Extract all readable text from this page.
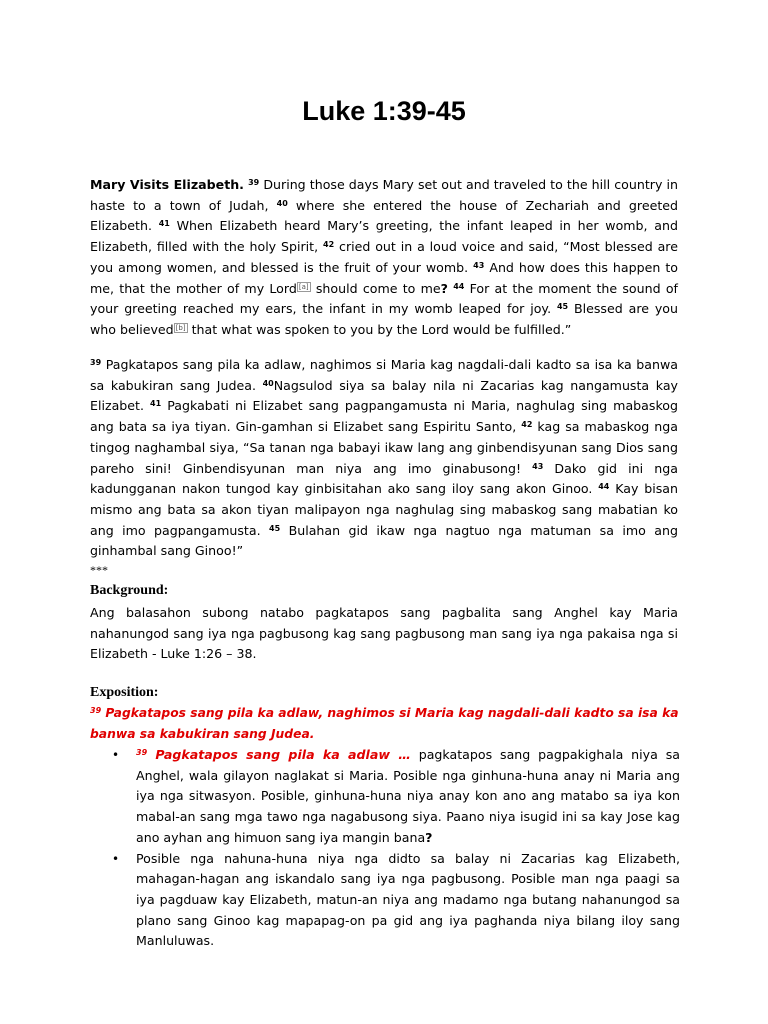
Luke 1:39-45

Mary Visits Elizabeth. $^{39}$ During those days Mary set out and traveled to the hill country in haste to a town of Judah, $^{40}$ where she entered the house of Zechariah and greeted Elizabeth. $^{41}$ When Elizabeth heard Mary’s greeting, the infant leaped in her womb, and Elizabeth, filled with the holy Spirit, $^{42}$ cried out in a loud voice and said, “Most blessed are you among women, and blessed is the fruit of your womb. $^{43}$ And how does this happen to me, that the mother of my Lord [a] should come to me? $^{44}$ For at the moment the sound of your greeting reached my ears, the infant in my womb leaped for joy. $^{45}$ Blessed are you who believed [b] that what was spoken to you by the Lord would be fulfilled.”

$^{39}$ Pagkatapos sang pila ka adlaw, naghimos si Maria kag nagdali-dali kadto sa isa ka banwa sa kabukiran sang Judea. $^{40}$Nagsulod siya sa balay nila ni Zacarias kag nangamusta kay Elizabet. $^{41}$ Pagkabati ni Elizabet sang pagpangamusta ni Maria, naghulag sing mabaskog ang bata sa iya tiyan. Gin-gamhan si Elizabet sang Espiritu Santo, $^{42}$ kag sa mabaskog nga tingog naghambal siya, “Sa tanan nga babayi ikaw lang ang ginbendisyunan sang Dios sang pareho sini! Ginbendisyunan man niya ang imo ginabusong! $^{43}$ Dako gid ini nga kadungganan nakon tungod kay ginbisitahan ako sang iloy sang akon Ginoo. $^{44}$ Kay bisan mismo ang bata sa akon tiyan malipayon nga naghulag sing mabaskog sang mabatian ko ang imo pagpangamusta. $^{45}$ Bulahan gid ikaw nga nagtuo nga matuman sa imo ang ginhambal sang Ginoo!”

***
Background:

Ang balasahon subong natabo pagkatapos sang pagbalita sang Anghel kay Maria nahanungod sang iya nga pagbusong kag sang pagbusong man sang iya nga pakaisa nga si Elizabeth - Luke 1:26 – 38.

Exposition:
$^{39}$ Pagkatapos sang pila ka adlaw, naghimos si Maria kag nagdali-dali kadto sa isa ka banwa sa kabukiran sang Judea.
• $^{39}$ Pagkatapos sang pila ka adlaw … pagkatapos sang pagpakighala niya sa Anghel, wala gilayon naglakat si Maria. Posible nga ginhuna-huna anay ni Maria ang iya nga sitwasyon. Posible, ginhuna-huna niya anay kon ano ang matabo sa iya kon mabal-an sang mga tawo nga nagabusong siya. Paano niya isugid ini sa kay Jose kag ano ayhan ang himuon sang iya mangin bana?
• Posible nga nahuna-huna niya nga didto sa balay ni Zacarias kag Elizabeth, mahagan-hagan ang iskandalo sang iya nga pagbusong. Posible man nga paagi sa iya pagduaw kay Elizabeth, matun-an niya ang madamo nga butang nahanungod sa plano sang Ginoo kag mapapag-on pa gid ang iya paghanda niya bilang iloy sang Manluluwas.
